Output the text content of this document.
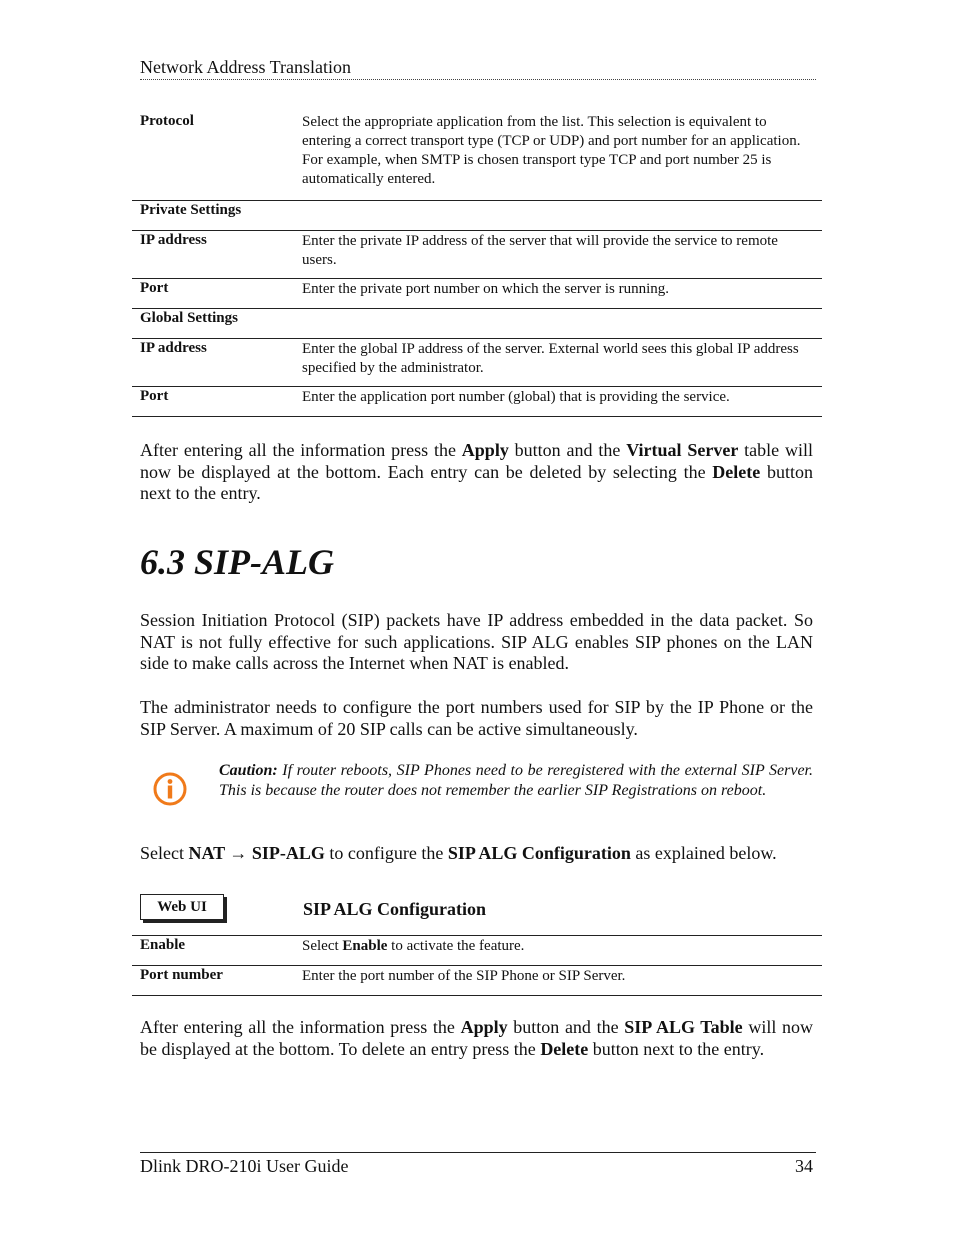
Network Address Translation
Protocol	Select the appropriate application from the list. This selection is equivalent to entering a correct transport type (TCP or UDP) and port number for an application. For example, when SMTP is chosen transport type TCP and port number 25 is automatically entered.
Private Settings	
IP address	Enter the private IP address of the server that will provide the service to remote users.
Port	Enter the private port number on which the server is running.
Global Settings	
IP address	Enter the global IP address of the server. External world sees this global IP address specified by the administrator.
Port	Enter the application port number (global) that is providing the service.
After entering all the information press the Apply button and the Virtual Server table will now be displayed at the bottom. Each entry can be deleted by selecting the Delete button next to the entry.
6.3 SIP-ALG
Session Initiation Protocol (SIP) packets have IP address embedded in the data packet. So NAT is not fully effective for such applications. SIP ALG enables SIP phones on the LAN side to make calls across the Internet when NAT is enabled.
The administrator needs to configure the port numbers used for SIP by the IP Phone or the SIP Server. A maximum of 20 SIP calls can be active simultaneously.
Caution: If router reboots, SIP Phones need to be reregistered with the external SIP Server. This is because the router does not remember the earlier SIP Registrations on reboot.
Select NAT → SIP-ALG to configure the SIP ALG Configuration as explained below.
Web UI	SIP ALG Configuration
Enable	Select Enable to activate the feature.
Port number	Enter the port number of the SIP Phone or SIP Server.
After entering all the information press the Apply button and the SIP ALG Table will now be displayed at the bottom. To delete an entry press the Delete button next to the entry.
Dlink DRO-210i User Guide	34
